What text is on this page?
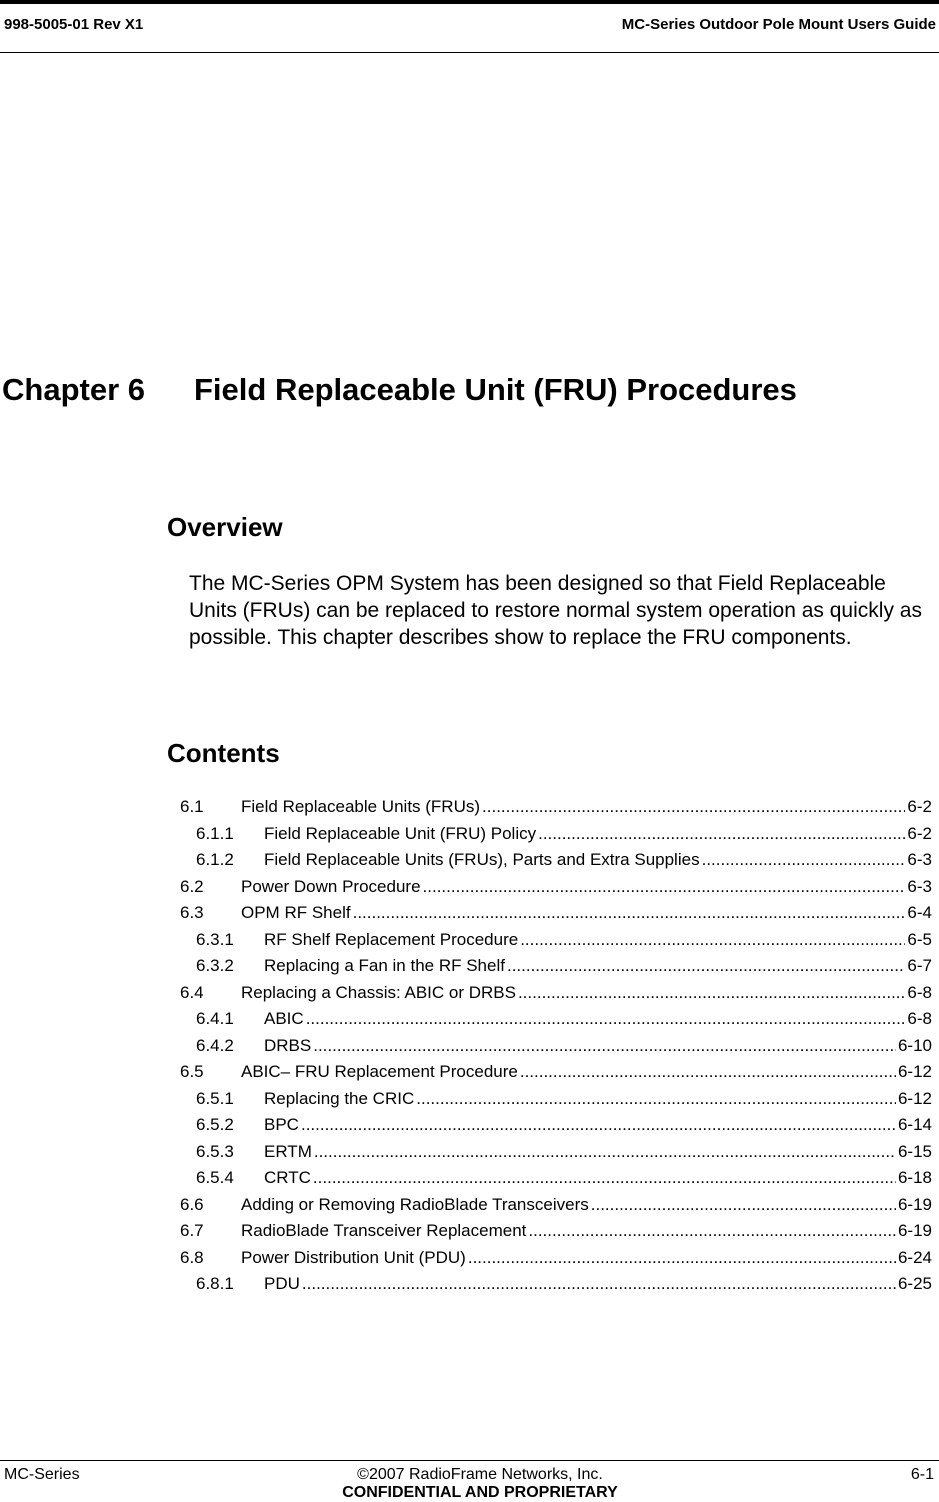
998-5005-01 Rev X1	MC-Series Outdoor Pole Mount Users Guide
Chapter 6 Field Replaceable Unit (FRU) Procedures
Overview
The MC-Series OPM System has been designed so that Field Replaceable Units (FRUs) can be replaced to restore normal system operation as quickly as possible. This chapter describes show to replace the FRU components.
Contents
6.1	Field Replaceable Units (FRUs) .....	6-2
6.1.1	Field Replaceable Unit (FRU) Policy .....	6-2
6.1.2	Field Replaceable Units (FRUs), Parts and Extra Supplies .....	6-3
6.2	Power Down Procedure .....	6-3
6.3	OPM RF Shelf .....	6-4
6.3.1	RF Shelf Replacement Procedure .....	6-5
6.3.2	Replacing a Fan in the RF Shelf .....	6-7
6.4	Replacing a Chassis: ABIC or DRBS .....	6-8
6.4.1	ABIC .....	6-8
6.4.2	DRBS .....	6-10
6.5	ABIC– FRU Replacement Procedure .....	6-12
6.5.1	Replacing the CRIC .....	6-12
6.5.2	BPC .....	6-14
6.5.3	ERTM .....	6-15
6.5.4	CRTC .....	6-18
6.6	Adding or Removing RadioBlade Transceivers .....	6-19
6.7	RadioBlade Transceiver Replacement .....	6-19
6.8	Power Distribution Unit (PDU) .....	6-24
6.8.1	PDU .....	6-25
MC-Series	©2007 RadioFrame Networks, Inc.	6-1
CONFIDENTIAL AND PROPRIETARY
